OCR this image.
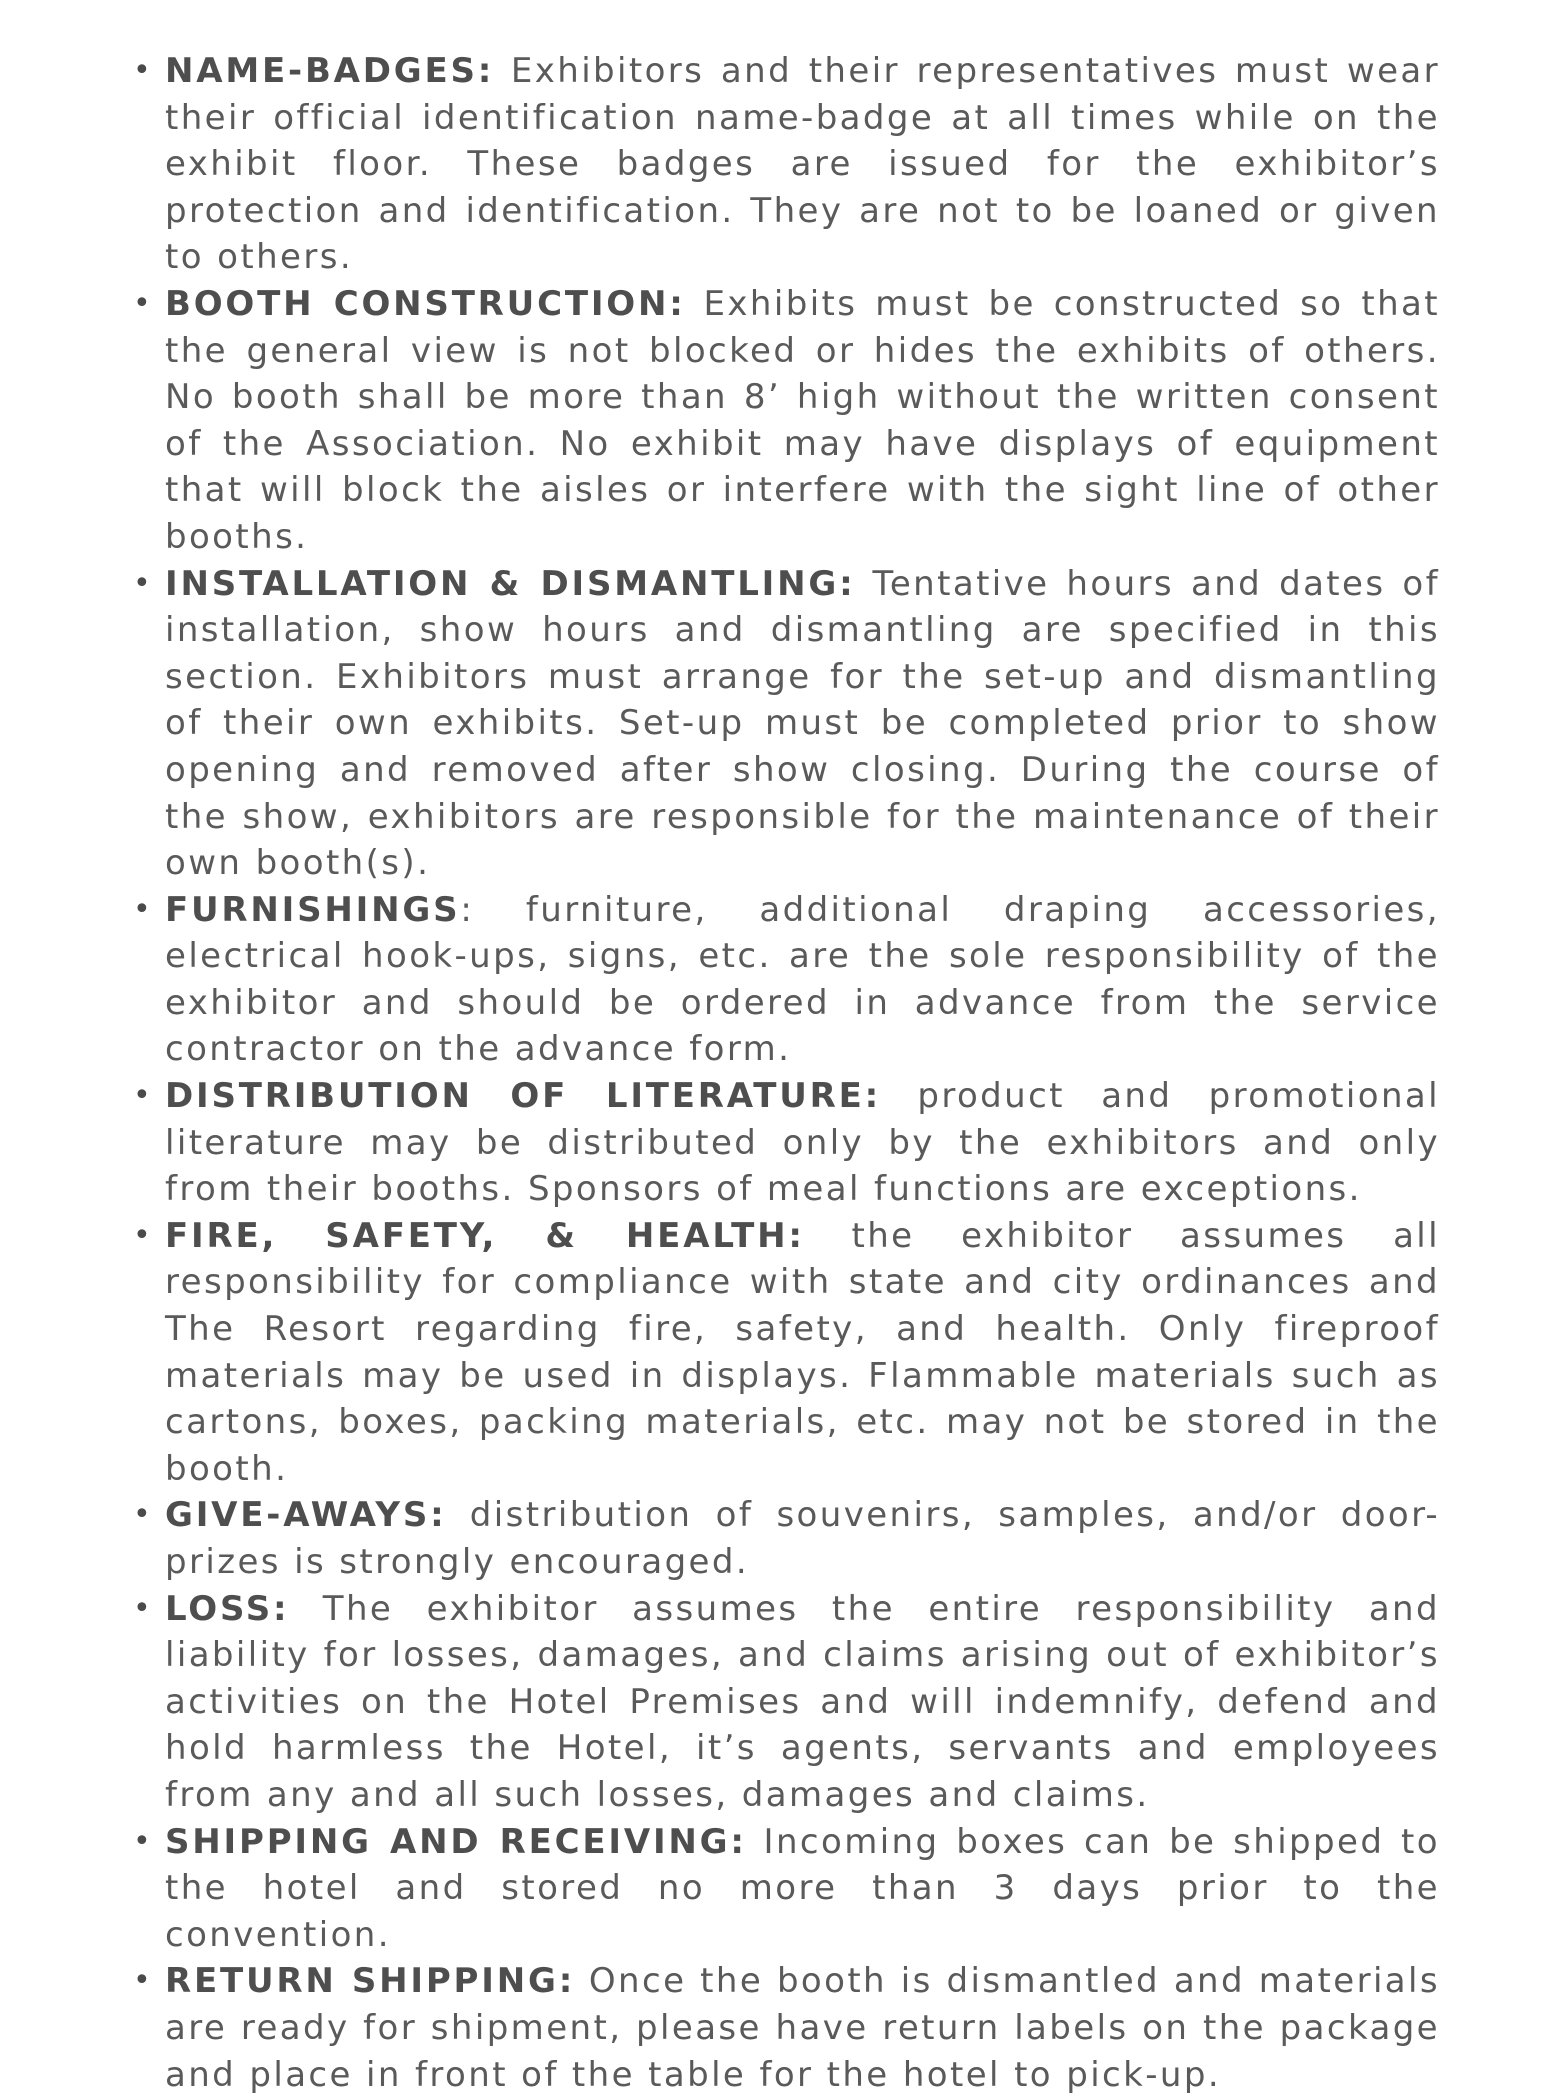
• NAME-BADGES: Exhibitors and their representatives must wear their official identification name-badge at all times while on the exhibit floor. These badges are issued for the exhibitor’s protection and identification. They are not to be loaned or given to others.
• BOOTH CONSTRUCTION: Exhibits must be constructed so that the general view is not blocked or hides the exhibits of others. No booth shall be more than 8’ high without the written consent of the Association. No exhibit may have displays of equipment that will block the aisles or interfere with the sight line of other booths.
• INSTALLATION & DISMANTLING: Tentative hours and dates of installation, show hours and dismantling are specified in this section. Exhibitors must arrange for the set-up and dismantling of their own exhibits. Set-up must be completed prior to show opening and removed after show closing. During the course of the show, exhibitors are responsible for the maintenance of their own booth(s).
• FURNISHINGS: furniture, additional draping accessories, electrical hook-ups, signs, etc. are the sole responsibility of the exhibitor and should be ordered in advance from the service contractor on the advance form.
• DISTRIBUTION OF LITERATURE: product and promotional literature may be distributed only by the exhibitors and only from their booths. Sponsors of meal functions are exceptions.
• FIRE, SAFETY, & HEALTH: the exhibitor assumes all responsibility for compliance with state and city ordinances and The Resort regarding fire, safety, and health. Only fireproof materials may be used in displays. Flammable materials such as cartons, boxes, packing materials, etc. may not be stored in the booth.
• GIVE-AWAYS: distribution of souvenirs, samples, and/or door-prizes is strongly encouraged.
• LOSS: The exhibitor assumes the entire responsibility and liability for losses, damages, and claims arising out of exhibitor’s activities on the Hotel Premises and will indemnify, defend and hold harmless the Hotel, it’s agents, servants and employees from any and all such losses, damages and claims.
• SHIPPING AND RECEIVING: Incoming boxes can be shipped to the hotel and stored no more than 3 days prior to the convention.
• RETURN SHIPPING: Once the booth is dismantled and materials are ready for shipment, please have return labels on the package and place in front of the table for the hotel to pick-up.
